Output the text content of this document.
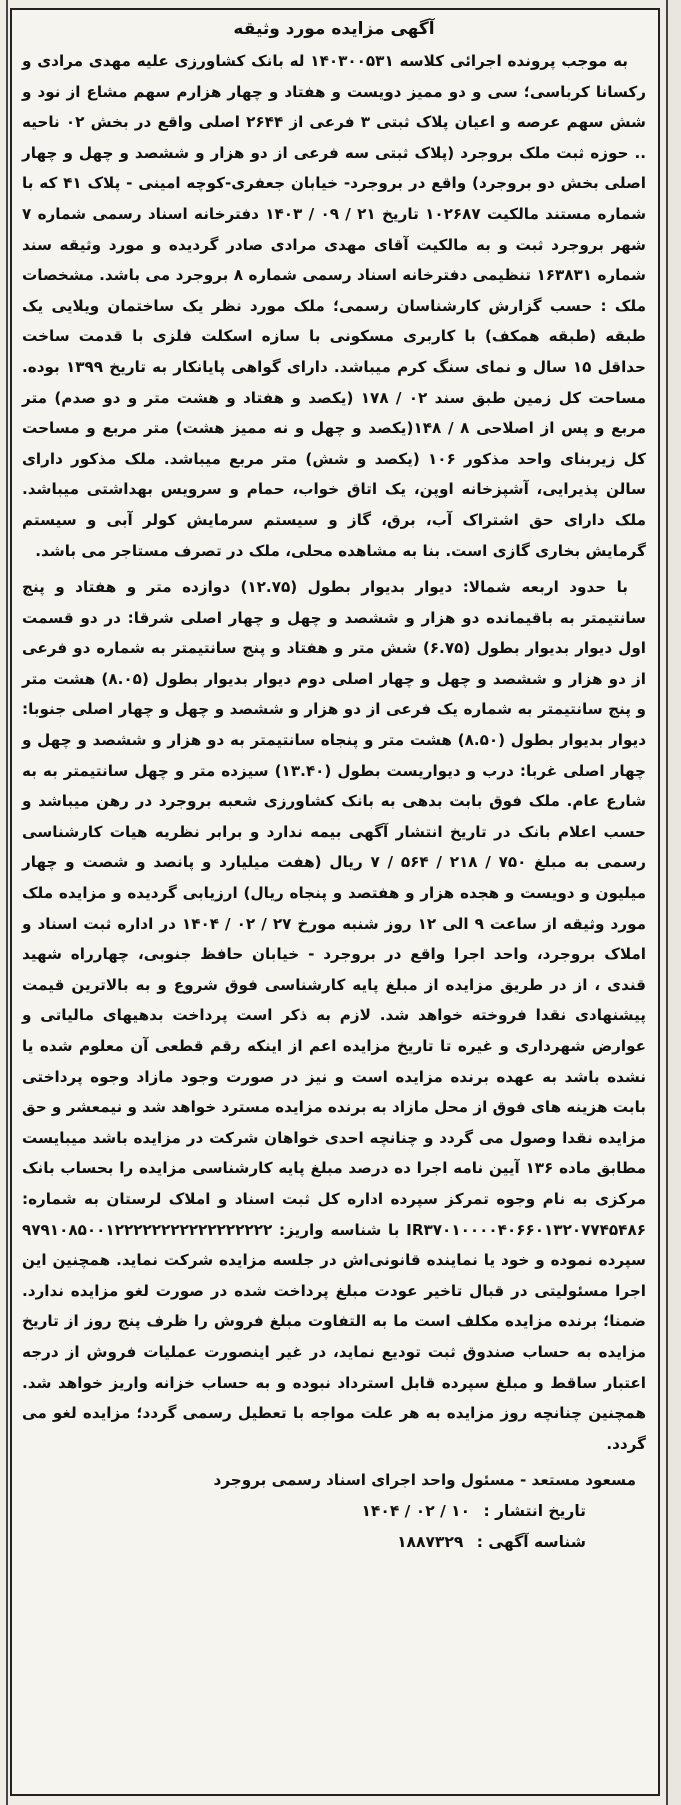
آگهی مزایده مورد وثیقه

به موجب پرونده اجرائی کلاسه ۱۴۰۳۰۰۵۳۱ له بانک کشاورزی علیه مهدی مرادی و رکسانا کرباسی؛ سی و دو ممیز دویست و هفتاد و چهار هزارم سهم مشاع از نود و شش سهم عرصه و اعیان پلاک ثبتی ۳ فرعی از ۲۶۴۴ اصلی واقع در بخش ۰۲ ناحیه .. حوزه ثبت ملک بروجرد (پلاک ثبتی سه فرعی از دو هزار و ششصد و چهل و چهار اصلی بخش دو بروجرد) واقع در بروجرد- خیابان جعفری-کوچه امینی - پلاک ۴۱ که با شماره مستند مالکیت ۱۰۲۶۸۷ تاریخ ۲۱ / ۰۹ / ۱۴۰۳ دفترخانه اسناد رسمی شماره ۷ شهر بروجرد ثبت و به مالکیت آقای مهدی مرادی صادر گردیده و مورد وثیقه سند شماره ۱۶۳۸۳۱ تنظیمی دفترخانه اسناد رسمی شماره ۸ بروجرد می باشد. مشخصات ملک : حسب گزارش کارشناسان رسمی؛ ملک مورد نظر یک ساختمان ویلایی یک طبقه (طبقه همکف) با کاربری مسکونی با سازه اسکلت فلزی با قدمت ساخت حداقل ۱۵ سال و نمای سنگ کرم میباشد. دارای گواهی پایانکار به تاریخ ۱۳۹۹ بوده. مساحت کل زمین طبق سند ۰۲ / ۱۷۸ (یکصد و هفتاد و هشت متر و دو صدم) متر مربع و پس از اصلاحی ۸ / ۱۴۸(یکصد و چهل و نه ممیز هشت) متر مربع و مساحت کل زیربنای واحد مذکور ۱۰۶ (یکصد و شش) متر مربع میباشد. ملک مذکور دارای سالن پذیرایی، آشپزخانه اوپن، یک اتاق خواب، حمام و سرویس بهداشتی میباشد. ملک دارای حق اشتراک آب، برق، گاز و سیستم سرمایش کولر آبی و سیستم گرمایش بخاری گازی است. بنا به مشاهده محلی، ملک در تصرف مستاجر می باشد.

با حدود اربعه شمالا: دیوار بدیوار بطول (۱۲.۷۵) دوازده متر و هفتاد و پنج سانتیمتر به باقیمانده دو هزار و ششصد و چهل و چهار اصلی شرقا: در دو قسمت اول دیوار بدیوار بطول (۶.۷۵) شش متر و هفتاد و پنج سانتیمتر به شماره دو فرعی از دو هزار و ششصد و چهل و چهار اصلی دوم دیوار بدیوار بطول (۸.۰۵) هشت متر و پنج سانتیمتر به شماره یک فرعی از دو هزار و ششصد و چهل و چهار اصلی جنوبا: دیوار بدیوار بطول (۸.۵۰) هشت متر و پنجاه سانتیمتر به دو هزار و ششصد و چهل و چهار اصلی غربا: درب و دیواریست بطول (۱۳.۴۰) سیزده متر و چهل سانتیمتر به به شارع عام. ملک فوق بابت بدهی به بانک کشاورزی شعبه بروجرد در رهن میباشد و حسب اعلام بانک در تاریخ انتشار آگهی بیمه ندارد و برابر نظریه هیات کارشناسی رسمی به مبلغ ۷۵۰ / ۲۱۸ / ۵۶۴ / ۷ ریال (هفت میلیارد و پانصد و شصت و چهار میلیون و دویست و هجده هزار و هفتصد و پنجاه ریال) ارزیابی گردیده و مزایده ملک مورد وثیقه از ساعت ۹ الی ۱۲ روز شنبه مورخ ۲۷ / ۰۲ / ۱۴۰۴ در اداره ثبت اسناد و املاک بروجرد، واحد اجرا واقع در بروجرد - خیابان حافظ جنوبی، چهارراه شهید قندی ، از در طریق مزایده از مبلغ پایه کارشناسی فوق شروع و به بالاترین قیمت پیشنهادی نقدا فروخته خواهد شد. لازم به ذکر است پرداخت بدهیهای مالیاتی و عوارض شهرداری و غیره تا تاریخ مزایده اعم از اینکه رقم قطعی آن معلوم شده یا نشده باشد به عهده برنده مزایده است و نیز در صورت وجود مازاد وجوه پرداختی بابت هزینه های فوق از محل مازاد به برنده مزایده مسترد خواهد شد و نیمعشر و حق مزایده نقدا وصول می گردد و چنانچه احدی خواهان شرکت در مزایده باشد میبایست مطابق ماده ۱۳۶ آیین نامه اجرا ده درصد مبلغ پایه کارشناسی مزایده را بحساب بانک مرکزی به نام وجوه تمرکز سپرده اداره کل ثبت اسناد و املاک لرستان به شماره: IR۳۷۰۱۰۰۰۰۴۰۶۶۰۱۳۲۰۷۷۴۵۴۸۶ با شناسه واریز: ۹۷۹۱۰۸۵۰۰۱۲۲۲۲۲۲۲۲۲۲۲۲۲۲۲۲۲ سپرده نموده و خود یا نماینده قانونی‌اش در جلسه مزایده شرکت نماید. همچنین این اجرا مسئولیتی در قبال تاخیر عودت مبلغ پرداخت شده در صورت لغو مزایده ندارد. ضمنا؛ برنده مزایده مکلف است ما به التفاوت مبلغ فروش را ظرف پنج روز از تاریخ مزایده به حساب صندوق ثبت تودیع نماید، در غیر اینصورت عملیات فروش از درجه اعتبار ساقط و مبلغ سپرده قابل استرداد نبوده و به حساب خزانه واریز خواهد شد. همچنین چنانچه روز مزایده به هر علت مواجه با تعطیل رسمی گردد؛ مزایده لغو می گردد.

مسعود مستعد - مسئول واحد اجرای اسناد رسمی بروجرد

تاریخ انتشار : ۱۰ / ۰۲ / ۱۴۰۴

شناسه آگهی : ۱۸۸۷۳۲۹
